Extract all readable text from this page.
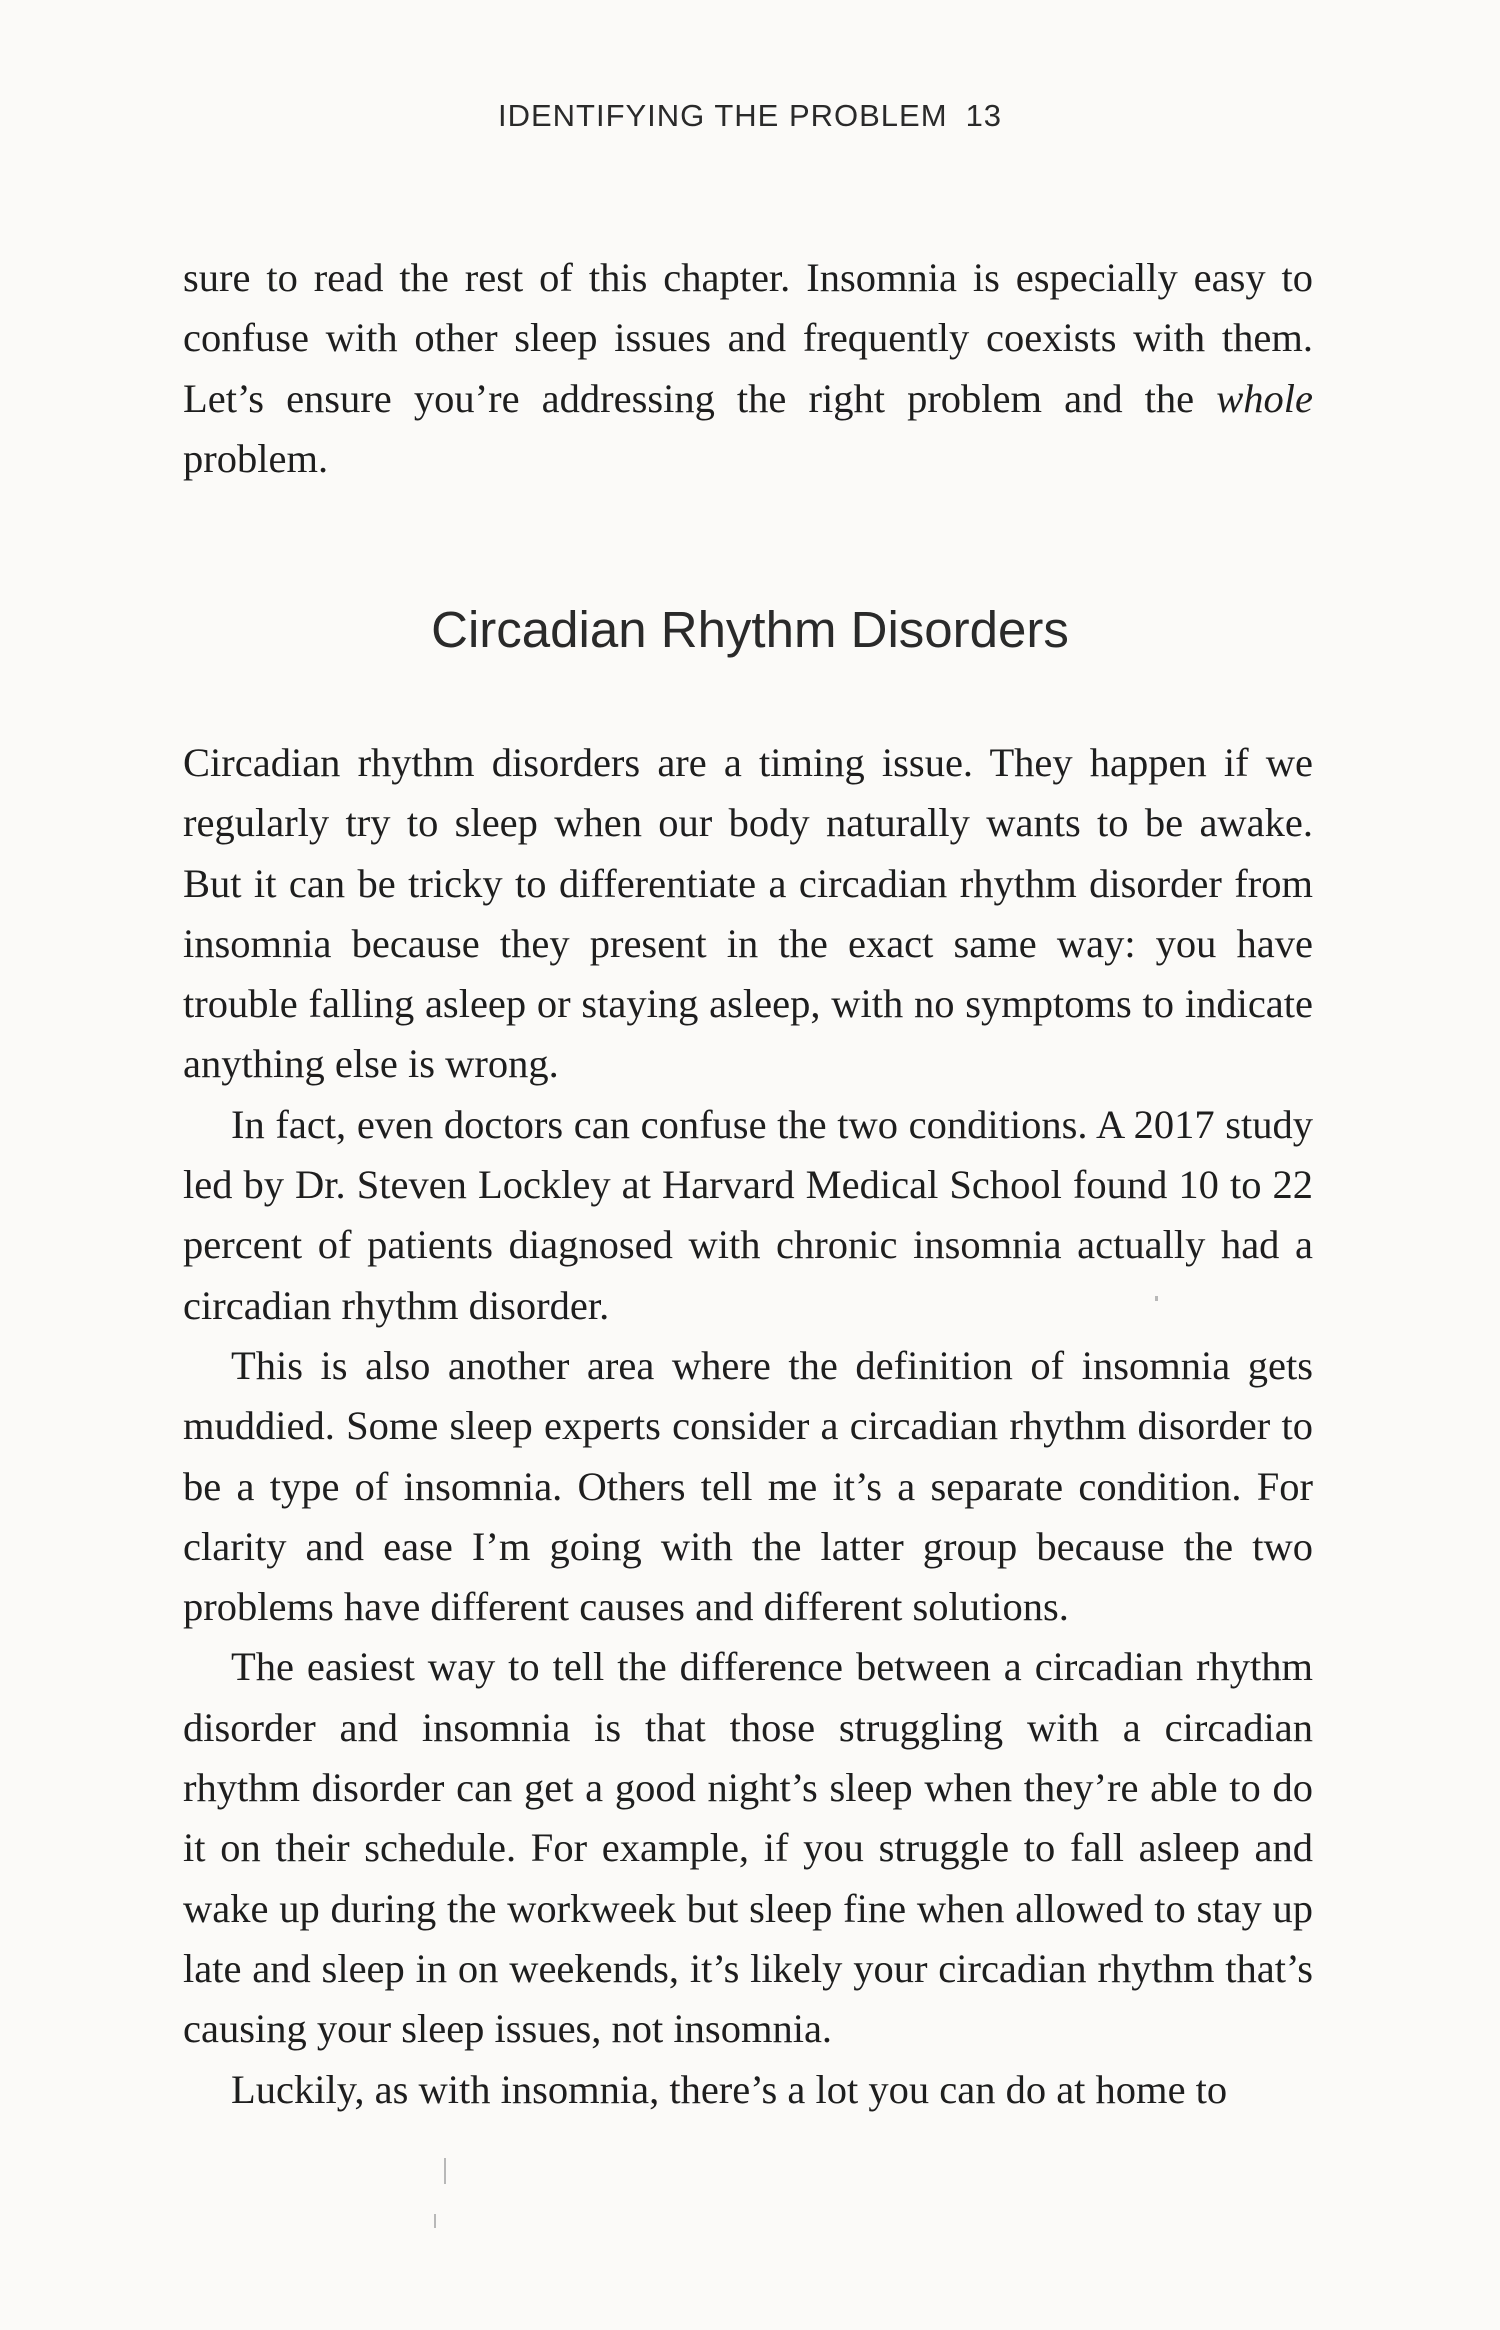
IDENTIFYING THE PROBLEM 13

sure to read the rest of this chapter. Insomnia is especially easy to confuse with other sleep issues and frequently coexists with them. Let’s ensure you’re addressing the right problem and the whole problem.

Circadian Rhythm Disorders

Circadian rhythm disorders are a timing issue. They happen if we regularly try to sleep when our body naturally wants to be awake. But it can be tricky to differentiate a circadian rhythm disorder from insomnia because they present in the exact same way: you have trouble falling asleep or staying asleep, with no symptoms to indicate anything else is wrong.

In fact, even doctors can confuse the two conditions. A 2017 study led by Dr. Steven Lockley at Harvard Medical School found 10 to 22 percent of patients diagnosed with chronic insomnia actually had a circadian rhythm disorder.

This is also another area where the definition of insomnia gets muddied. Some sleep experts consider a circadian rhythm disorder to be a type of insomnia. Others tell me it’s a separate condition. For clarity and ease I’m going with the latter group because the two problems have different causes and different solutions.

The easiest way to tell the difference between a circadian rhythm disorder and insomnia is that those struggling with a circadian rhythm disorder can get a good night’s sleep when they’re able to do it on their schedule. For example, if you struggle to fall asleep and wake up during the workweek but sleep fine when allowed to stay up late and sleep in on weekends, it’s likely your circadian rhythm that’s causing your sleep issues, not insomnia.

Luckily, as with insomnia, there’s a lot you can do at home to
